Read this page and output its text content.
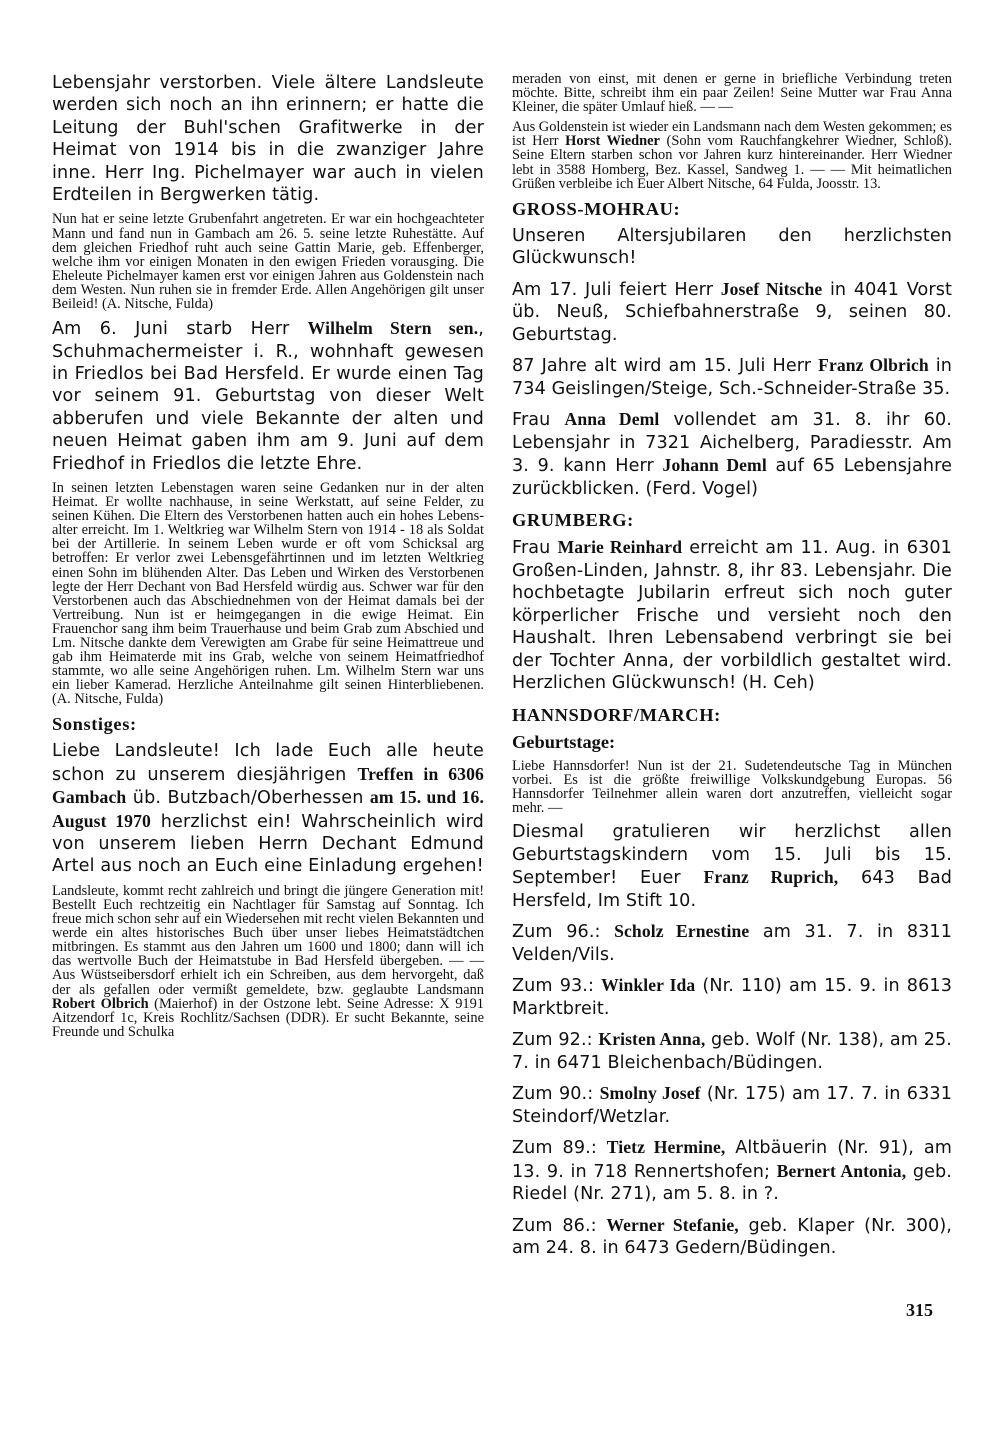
Lebensjahr verstorben. Viele ältere Landsleute werden sich noch an ihn erinnern; er hatte die Leitung der Buhl'schen Grafitwerke in der Heimat von 1914 bis in die zwanziger Jahre inne. Herr Ing. Pichelmayer war auch in vielen Erdteilen in Bergwerken tätig.

Nun hat er seine letzte Grubenfahrt angetreten. Er war ein hochgeachteter Mann und fand nun in Gambach am 26. 5. seine letzte Ruhestätte. Auf dem gleichen Friedhof ruht auch seine Gattin Marie, geb. Effenberger, welche ihm vor einigen Monaten in den ewigen Frieden vorausging. Die Eheleute Pichelmayer kamen erst vor einigen Jahren aus Goldenstein nach dem Westen. Nun ruhen sie in fremder Erde. Allen Angehörigen gilt unser Beileid! (A. Nitsche, Fulda)

Am 6. Juni starb Herr Wilhelm Stern sen., Schuhmachermeister i. R., wohnhaft gewesen in Friedlos bei Bad Hersfeld. Er wurde einen Tag vor seinem 91. Geburtstag von dieser Welt abberufen und viele Bekannte der alten und neuen Heimat gaben ihm am 9. Juni auf dem Friedhof in Friedlos die letzte Ehre.

In seinen letzten Lebenstagen waren seine Gedanken nur in der alten Heimat. Er wollte nachhause, in seine Werkstatt, auf seine Felder, zu seinen Kühen. Die Eltern des Verstorbenen hatten auch ein hohes Lebensalter erreicht. Im 1. Weltkrieg war Wilhelm Stern von 1914 - 18 als Soldat bei der Artillerie. In seinem Leben wurde er oft vom Schicksal arg betroffen: Er verlor zwei Lebensgefährtinnen und im letzten Weltkrieg einen Sohn im blühenden Alter. Das Leben und Wirken des Verstorbenen legte der Herr Dechant von Bad Hersfeld würdig aus. Schwer war für den Verstorbenen auch das Abschiednehmen von der Heimat damals bei der Vertreibung. Nun ist er heimgegangen in die ewige Heimat. Ein Frauenchor sang ihm beim Trauerhause und beim Grab zum Abschied und Lm. Nitsche dankte dem Verewigten am Grabe für seine Heimattreue und gab ihm Heimaterde mit ins Grab, welche von seinem Heimatfriedhof stammte, wo alle seine Angehörigen ruhen. Lm. Wilhelm Stern war uns ein lieber Kamerad. Herzliche Anteilnahme gilt seinen Hinterbliebenen. (A. Nitsche, Fulda)

Sonstiges:

Liebe Landsleute! Ich lade Euch alle heute schon zu unserem diesjährigen Treffen in 6306 Gambach üb. Butzbach/Oberhessen am 15. und 16. August 1970 herzlichst ein! Wahrscheinlich wird von unserem lieben Herrn Dechant Edmund Artel aus noch an Euch eine Einladung ergehen!

Landsleute, kommt recht zahlreich und bringt die jüngere Generation mit! Bestellt Euch rechtzeitig ein Nachtlager für Samstag auf Sonntag. Ich freue mich schon sehr auf ein Wiedersehen mit recht vielen Bekannten und werde ein altes historisches Buch über unser liebes Heimatstädtchen mitbringen. Es stammt aus den Jahren um 1600 und 1800; dann will ich das wertvolle Buch der Heimatstube in Bad Hersfeld übergeben. — — Aus Wüstseibersdorf erhielt ich ein Schreiben, aus dem hervorgeht, daß der als gefallen oder vermißt gemeldete, bzw. geglaubte Landsmann Robert Olbrich (Maierhof) in der Ostzone lebt. Seine Adresse: X 9191 Aitzendorf 1c, Kreis Rochlitz/Sachsen (DDR). Er sucht Bekannte, seine Freunde und Schulka

meraden von einst, mit denen er gerne in briefliche Verbindung treten möchte. Bitte, schreibt ihm ein paar Zeilen! Seine Mutter war Frau Anna Kleiner, die später Umlauf hieß. — —

Aus Goldenstein ist wieder ein Landsmann nach dem Westen gekommen; es ist Herr Horst Wiedner (Sohn vom Rauchfangkehrer Wiedner, Schloß). Seine Eltern starben schon vor Jahren kurz hintereinander. Herr Wiedner lebt in 3588 Homberg, Bez. Kassel, Sandweg 1. — — Mit heimatlichen Grüßen verbleibe ich Euer Albert Nitsche, 64 Fulda, Joosstr. 13.

GROSS-MOHRAU:

Unseren Altersjubilaren den herzlichsten Glückwunsch!

Am 17. Juli feiert Herr Josef Nitsche in 4041 Vorst üb. Neuß, Schiefbahnerstraße 9, seinen 80. Geburtstag.

87 Jahre alt wird am 15. Juli Herr Franz Olbrich in 734 Geislingen/Steige, Sch.-Schneider-Straße 35.

Frau Anna Deml vollendet am 31. 8. ihr 60. Lebensjahr in 7321 Aichelberg, Paradiesstr. Am 3. 9. kann Herr Johann Deml auf 65 Lebensjahre zurückblicken. (Ferd. Vogel)

GRUMBERG:

Frau Marie Reinhard erreicht am 11. Aug. in 6301 Großen-Linden, Jahnstr. 8, ihr 83. Lebensjahr. Die hochbetagte Jubilarin erfreut sich noch guter körperlicher Frische und versieht noch den Haushalt. Ihren Lebensabend verbringt sie bei der Tochter Anna, der vorbildlich gestaltet wird. Herzlichen Glückwunsch! (H. Ceh)

HANNSDORF/MARCH:

Geburtstage:

Liebe Hannsdorfer! Nun ist der 21. Sudetendeutsche Tag in München vorbei. Es ist die größte freiwillige Volkskundgebung Europas. 56 Hannsdorfer Teilnehmer allein waren dort anzutreffen, vielleicht sogar mehr. —

Diesmal gratulieren wir herzlichst allen Geburtstagskindern vom 15. Juli bis 15. September! Euer Franz Ruprich, 643 Bad Hersfeld, Im Stift 10.

Zum 96.: Scholz Ernestine am 31. 7. in 8311 Velden/Vils.

Zum 93.: Winkler Ida (Nr. 110) am 15. 9. in 8613 Marktbreit.

Zum 92.: Kristen Anna, geb. Wolf (Nr. 138), am 25. 7. in 6471 Bleichenbach/Büdingen.

Zum 90.: Smolny Josef (Nr. 175) am 17. 7. in 6331 Steindorf/Wetzlar.

Zum 89.: Tietz Hermine, Altbäuerin (Nr. 91), am 13. 9. in 718 Rennertshofen; Bernert Antonia, geb. Riedel (Nr. 271), am 5. 8. in ?.

Zum 86.: Werner Stefanie, geb. Klaper (Nr. 300), am 24. 8. in 6473 Gedern/Büdingen.

315
